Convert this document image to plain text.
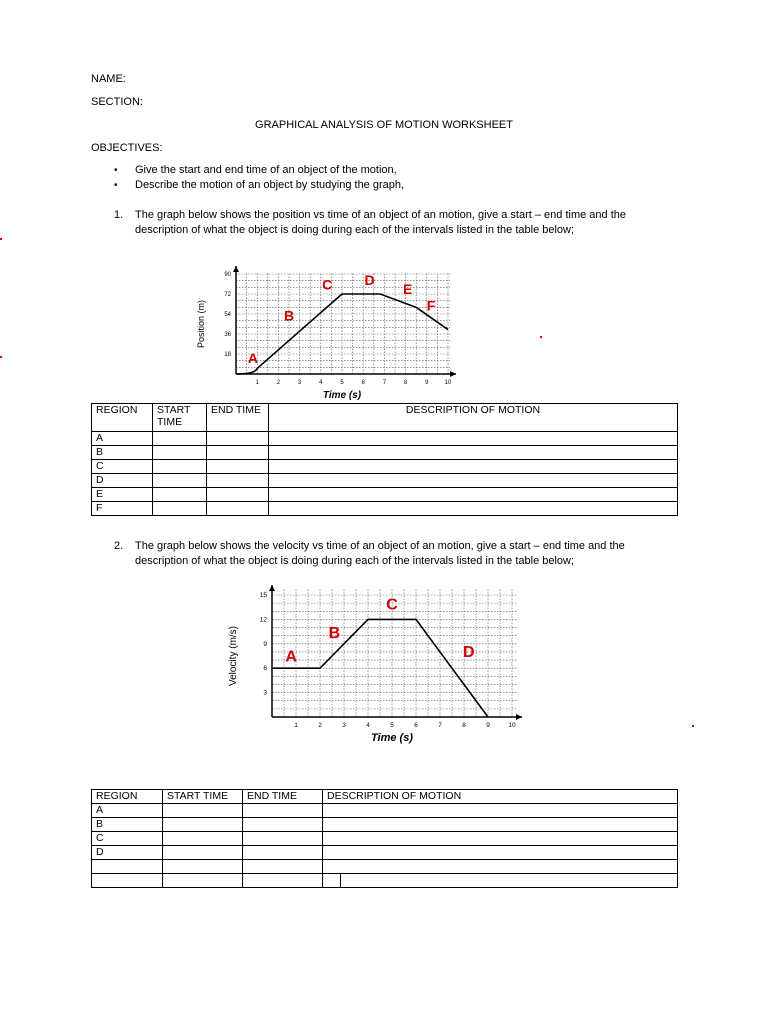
NAME:
SECTION:
GRAPHICAL ANALYSIS OF MOTION WORKSHEET
OBJECTIVES:
• Give the start and end time of an object of the motion,
• Describe the motion of an object by studying the graph,
1. The graph below shows the position vs time of an object of an motion, give a start – end time and the description of what the object is doing during each of the intervals listed in the table below;
1	2	3	4	5	6	7	8	9	10
18
36
54
72
90
Time (s)
Position (m)
A
B
C D
E
F
REGION	START TIME	END TIME	DESCRIPTION OF MOTION
A			
B			
C			
D			
E			
F			
2. The graph below shows the velocity vs time of an object of an motion, give a start – end time and the description of what the object is doing during each of the intervals listed in the table below;
1	2	3	4	5	6	7	8	9	10
3
6
9
12
15
Time (s)
Velocity (m/s)	A
B
C
D
REGION	START TIME	END TIME	DESCRIPTION OF MOTION	
A				
B				
C				
D				
